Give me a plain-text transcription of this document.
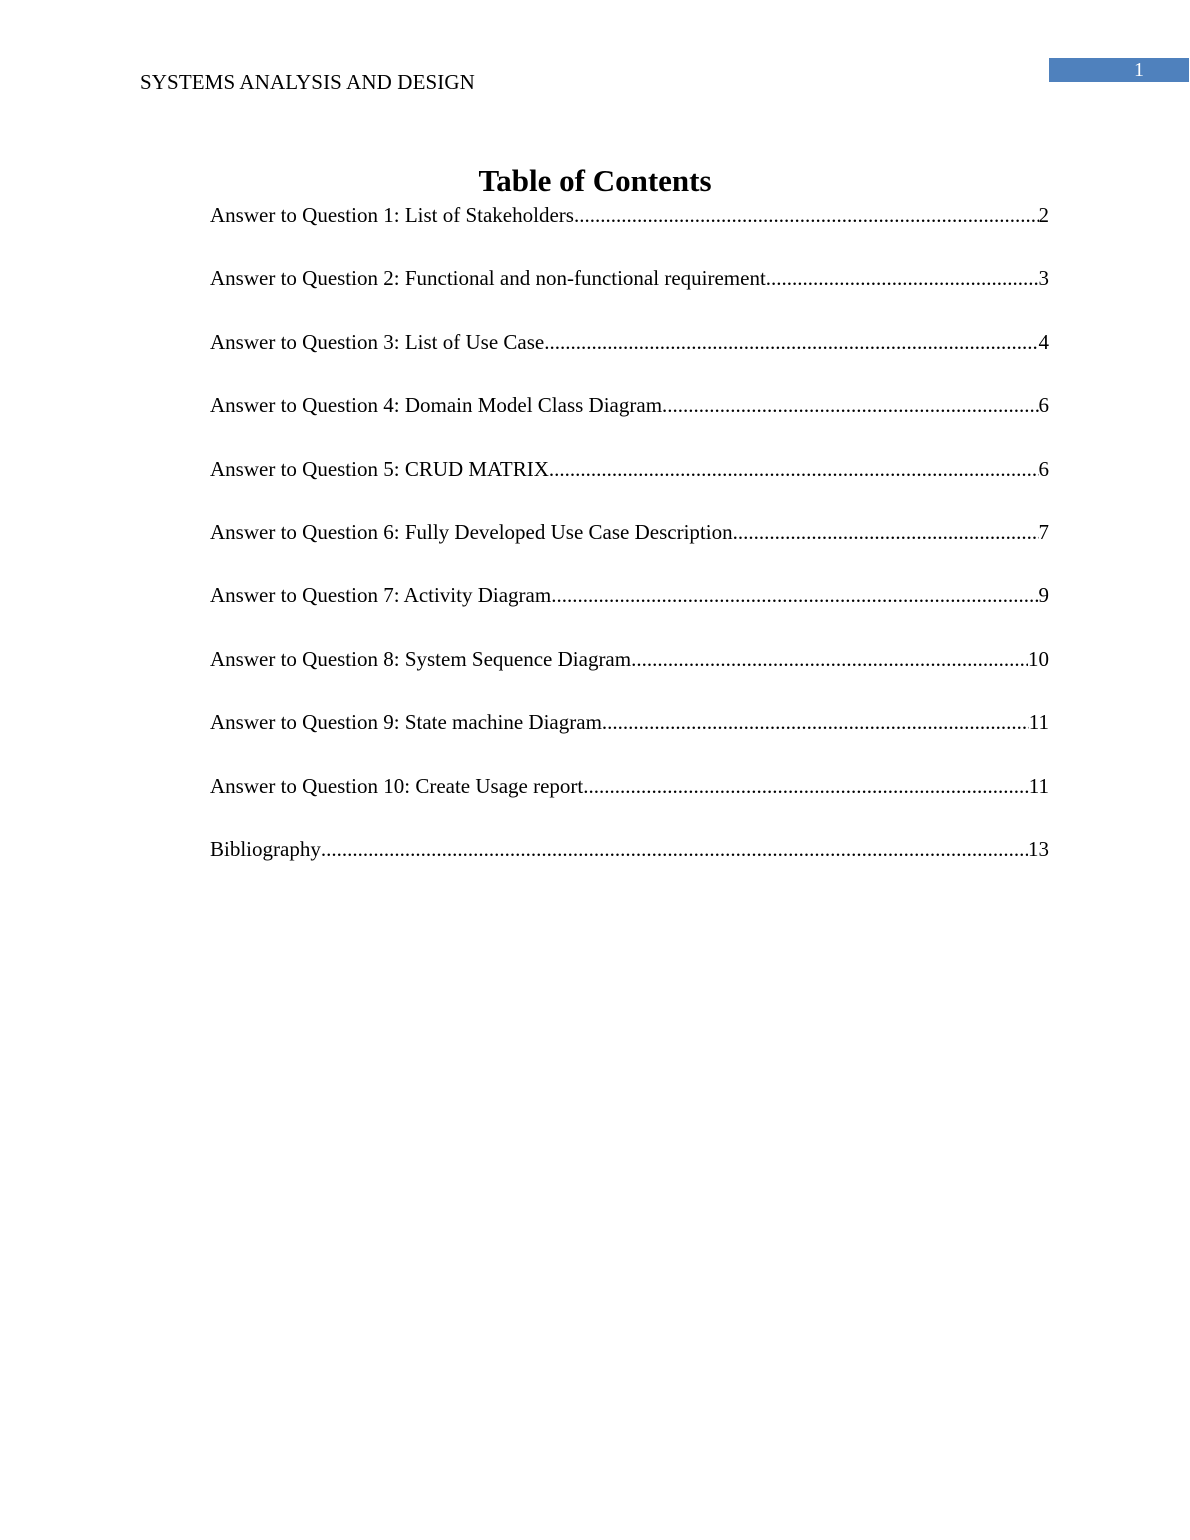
SYSTEMS ANALYSIS AND DESIGN	1
Table of Contents
Answer to Question 1: List of Stakeholders .....	2
Answer to Question 2: Functional and non-functional requirement .....	3
Answer to Question 3: List of Use Case .....	4
Answer to Question 4: Domain Model Class Diagram .....	6
Answer to Question 5: CRUD MATRIX .....	6
Answer to Question 6: Fully Developed Use Case Description .....	7
Answer to Question 7: Activity Diagram .....	9
Answer to Question 8: System Sequence Diagram .....	10
Answer to Question 9: State machine Diagram .....	11
Answer to Question 10: Create Usage report .....	11
Bibliography .....	13
